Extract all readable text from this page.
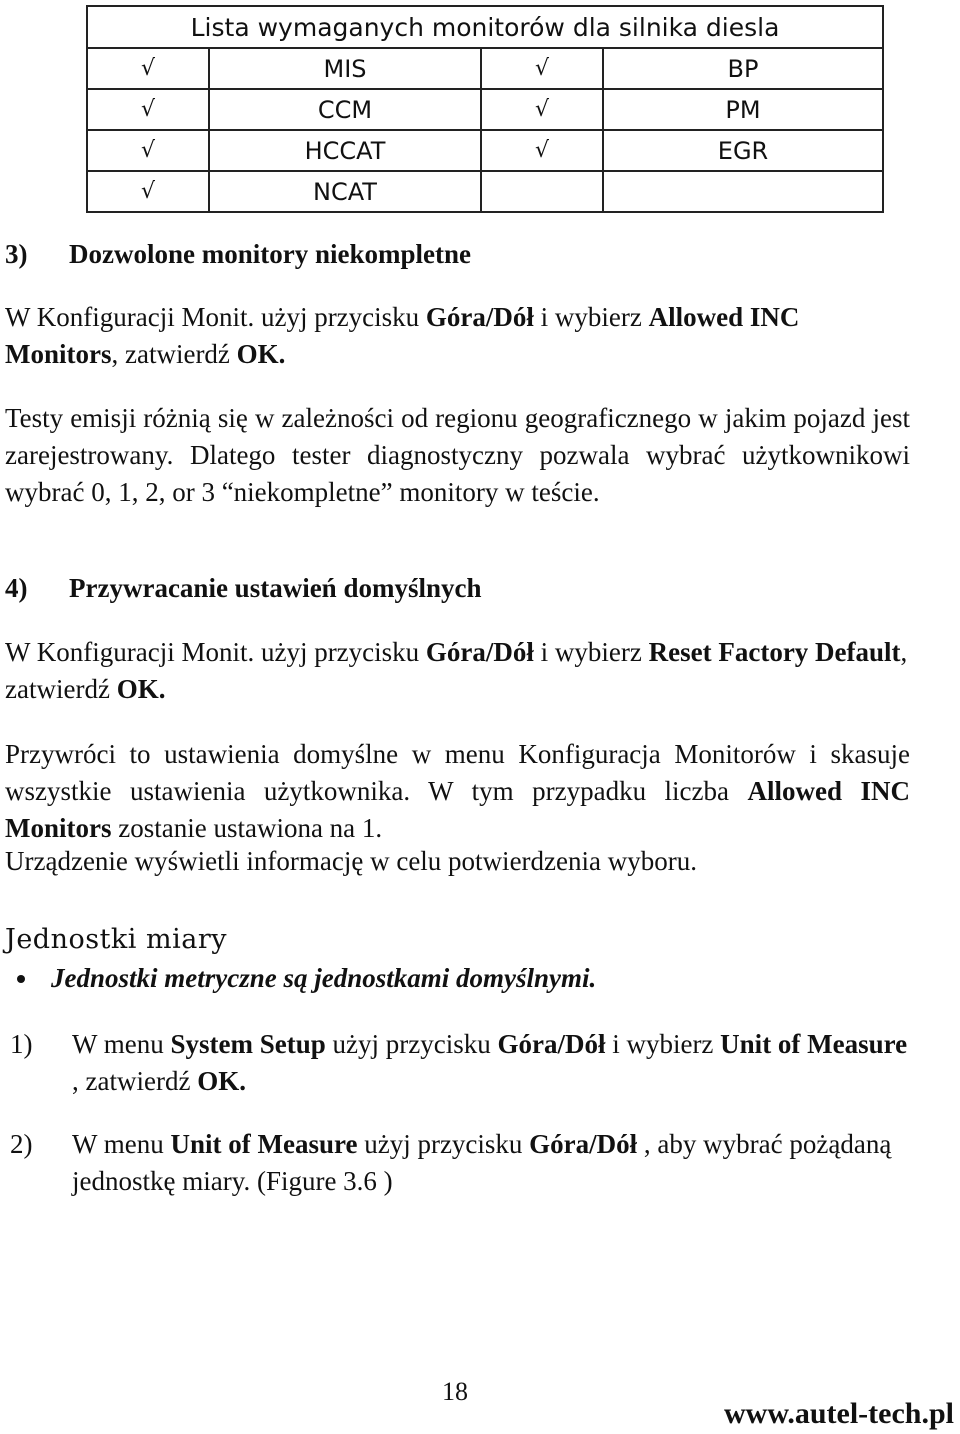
Lista wymaganych monitorów dla silnika diesla			
√	MIS	√	BP
√	CCM	√	PM
√	HCCAT	√	EGR
√	NCAT		
3) Dozwolone monitory niekompletne
W Konfiguracji Monit. użyj przycisku Góra/Dół i wybierz Allowed INC Monitors, zatwierdź OK.
Testy emisji różnią się w zależności od regionu geograficznego w jakim pojazd jest zarejestrowany. Dlatego tester diagnostyczny pozwala wybrać użytkownikowi wybrać 0, 1, 2, or 3 “niekompletne” monitory w teście.
4) Przywracanie ustawień domyślnych
W Konfiguracji Monit. użyj przycisku Góra/Dół i wybierz Reset Factory Default, zatwierdź OK.
Przywróci to ustawienia domyślne w menu Konfiguracja Monitorów i skasuje wszystkie ustawienia użytkownika. W tym przypadku liczba Allowed INC Monitors zostanie ustawiona na 1.
Urządzenie wyświetli informację w celu potwierdzenia wyboru.
Jednostki miary
Jednostki metryczne są jednostkami domyślnymi.
1) W menu System Setup użyj przycisku Góra/Dół i wybierz Unit of Measure , zatwierdź OK.
2) W menu Unit of Measure użyj przycisku Góra/Dół , aby wybrać pożądaną jednostkę miary. (Figure 3.6 )
18
www.autel-tech.pl
